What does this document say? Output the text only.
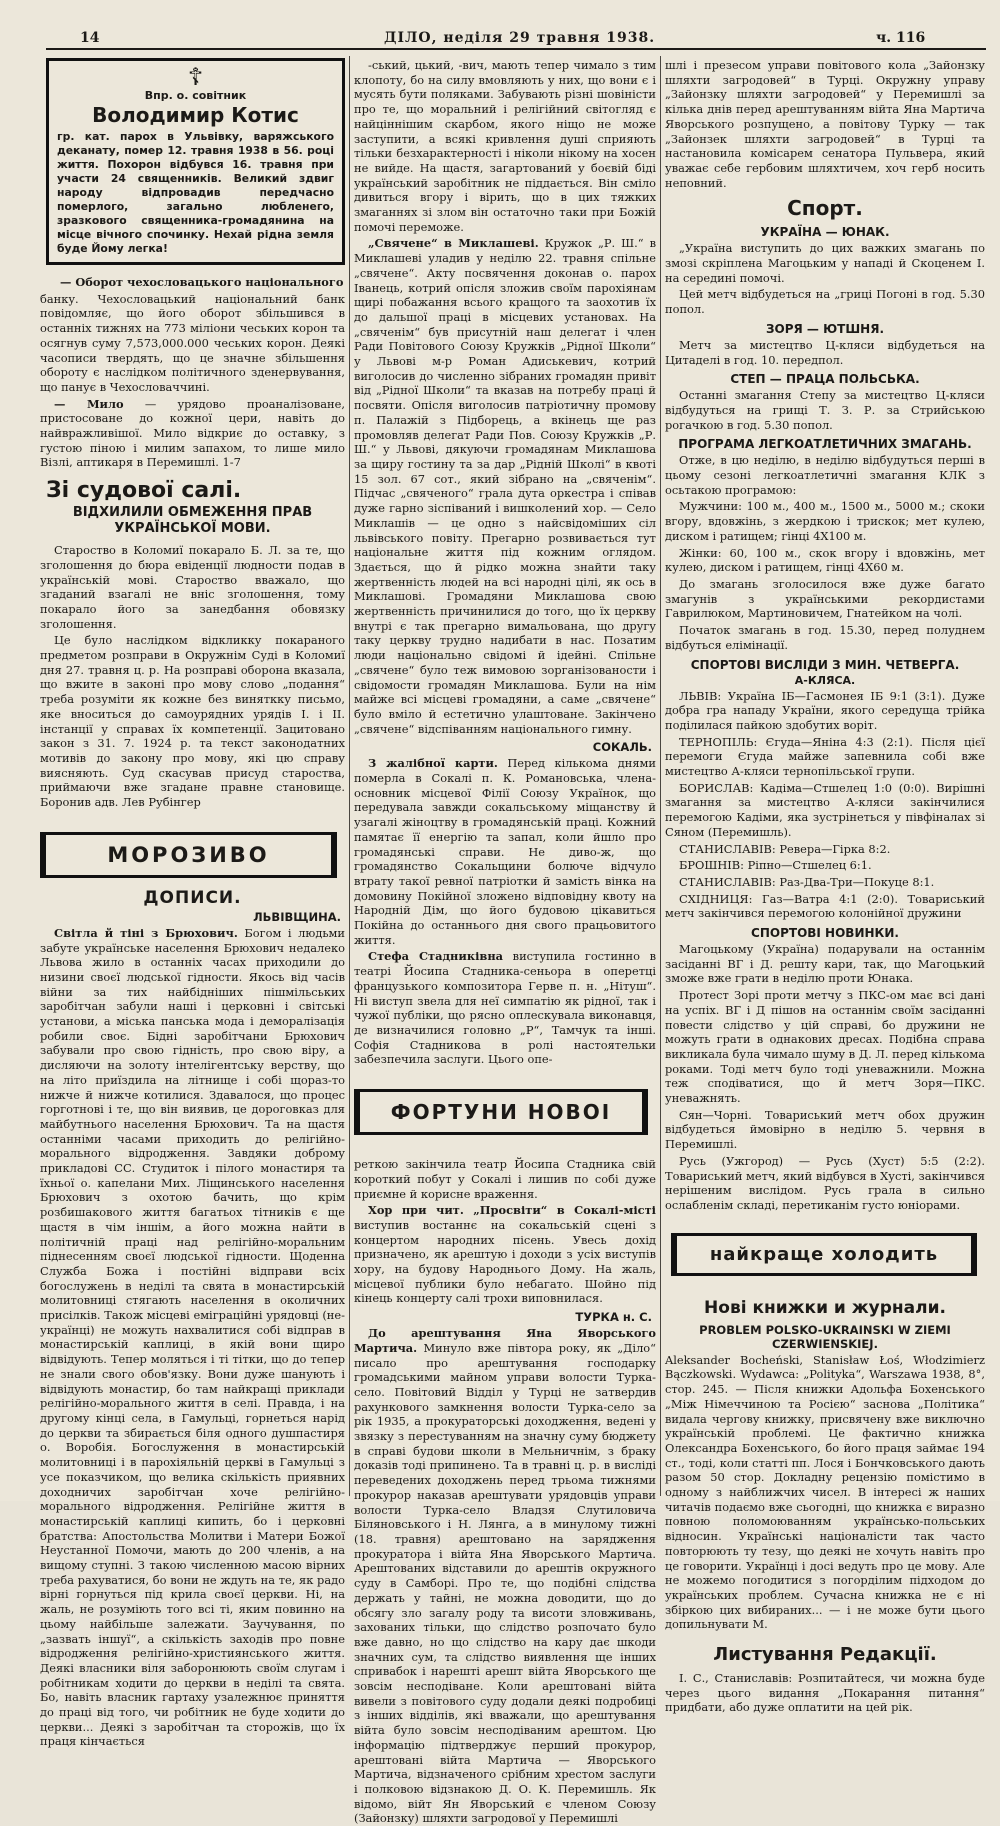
14	ДІЛО, неділя 29 травня 1938.	ч. 116
☦
Впр. о. совітник
Володимир Котис
гр. кат. парох в Ульвівку, варяжського деканату, помер 12. травня 1938 в 56. році життя. Похорон відбувся 16. травня при участи 24 священників. Великий здвиг народу відпровадив передчасно померлого, загально любленего, зразкового священника-громадянина на місце вічного спочинку. Нехай рідна земля буде Йому легка!

— Оборот чехословацького національного

банку. Чехословацький національний банк повідомляє, що його оборот збільшився в останніх тижнях на 773 міліони чеських корон та осягнув суму 7,573,000.000 чеських корон. Деякі часописи твердять, що це значне збільшення обороту є наслідком політичного зденервування, що панує в Чехословаччині.

— Мило — урядово проаналізоване, пристосоване до кожної цери, навіть до найвражливішої. Мило відкриє до оставку, з густою піною і милим запахом, то лише мило Візлі, аптикаря в Перемишлі. 1-7

Зі судової салі.
ВІДХИЛИЛИ ОБМЕЖЕННЯ ПРАВ УКРАЇНСЬКОЇ МОВИ.

Староство в Коломиї покарало Б. Л. за те, що зголошення до бюра евіденції людности подав в українській мові. Староство вважало, що згаданий взагалі не вніс зголошення, тому покарало його за занедбання обовязку зголошення.

Це було наслідком відкликку покараного предметом розправи в Окружнім Суді в Коломиї дня 27. травня ц. р. На розправі оборона вказала, що вжите в законі про мову слово „подання“ треба розуміти як кожне без виняткку письмо, яке вноситься до самоурядних урядів І. і ІІ. інстанції у справах їх компетенції. Зацитовано закон з 31. 7. 1924 р. та текст законодатних мотивів до закону про мову, які цю справу виясняють. Суд скасував присуд староства, приймаючи вже згадане правне становище. Боронив адв. Лев Рубінгер

МОРОЗИВО
ДОПИСИ.
ЛЬВІВЩИНА.

Світла й тіні з Брюхович. Богом і людьми забуте українське населення Брюхович недалеко Львова жило в останніх часах приходили до низини своєї людської гідности. Якось від часів війни за тих найбідніших пішмільських заробітчан забули наші і церковні і світські установи, а міська панська мода і деморалізація робили своє. Бідні заробітчани Брюхович забували про свою гідність, про свою віру, а дисляючи на золоту інтелігентську верству, що на літо приїздила на літнище і собі щораз-то нижче й нижче котилися. Здавалося, що процес горготнові і те, що він виявив, це дороговказ для майбутнього населення Брюхович. Та на щастя останніми часами приходить до релігійно-морального відродження. Завдяки доброму прикладові СС. Студиток і пілого монастиря та їхньої о. капелани Мих. Ліщинського населення Брюхович з охотою бачить, що крім розбишакового життя багатьох тітників є ще щастя в чім іншім, а його можна найти в політичній праці над релігійно-моральним піднесенням своєї людської гідности. Щоденна Служба Божа і постійні відправи всіх богослужень в неділі та свята в монастирській молитовниці стягають населення в околичних присілків. Також місцеві еміграційні урядовці (не-українці) не можуть нахвалитися собі відправ в монастирській каплиці, в якій вони щиро відвідують. Тепер моляться і ті тітки, що до тепер не знали свого обов'язку. Вони дуже шанують і відвідують монастир, бо там найкращі приклади релігійно-морального життя в селі. Правда, і на другому кінці села, в Гамульці, горнеться нарід до церкви та збирається біля одного душпастиря о. Воробія. Богослуження в монастирській молитовниці і в парохіяльній церкві в Гамульці з усе показчиком, що велика скількість приявних доходничих заробітчан хоче релігійно-морального відродження. Релігійне життя в монастирській каплиці кипить, бо і церковні братства: Апостольства Молитви і Матери Божої Неустанної Помочи, мають до 200 членів, а на вищому ступні. З такою численною масою вірних треба рахуватися, бо вони не ждуть на те, як радо вірні горнуться під крила своєї церкви. Ні, на жаль, не розуміють того всі ті, яким повинно на цьому найбільше залежати. Заучування, по „зазвать іншуї“, а скількість заходів про повне відродження релігійно-християнського життя. Деякі власники віля заборонюють своїм слугам і робітникам ходити до церкви в неділі та свята. Бо, навіть власник гартаху узалежнює приняття до праці від того, чи робітник не буде ходити до церкви... Деякі з заробітчан та сторожів, що їх праця кінчається

-ський, цький, -вич, мають тепер чимало з тим клопоту, бо на силу вмовляють у них, що вони є і мусять бути поляками. Забувають різні шовіністи про те, що моральний і релігійний світогляд є найціннішим скарбом, якого ніщо не може заступити, а всякі кривлення душі сприяють тільки безхарактерності і ніколи нікому на хосен не вийде. На щастя, загартований у боєвій біді український заробітник не піддається. Він сміло дивиться вгору і вірить, що в цих тяжких змаганнях зі злом він остаточно таки при Божій помочі переможе.

„Свячене“ в Миклашеві. Кружок „Р. Ш.“ в Миклашеві уладив у неділю 22. травня спільне „свячене“. Акту посвячення доконав о. парох Іванець, котрий опісля зложив своїм парохіянам щирі побажання всього кращого та заохотив їх до дальшої праці в місцевих установах. На „свяченім“ був присутній наш делегат і член Ради Повітового Союзу Кружків „Рідної Школи“ у Львові м-р Роман Адиськевич, котрий виголосив до численно зібраних громадян привіт від „Рідної Школи“ та вказав на потребу праці й посвяти. Опісля виголосив патріотичну промову п. Палажій з Підборець, а вкінець ще раз промовляв делегат Ради Пов. Союзу Кружків „Р. Ш.“ у Львові, дякуючи громадянам Миклашова за щиру гостину та за дар „Рідній Школі“ в квоті 15 зол. 67 сот., який зібрано на „свяченім“. Підчас „свяченого“ грала дута оркестра і співав дуже гарно зіспіваний і вишколений хор. — Село Миклашів — це одно з найсвідоміших сіл львівського повіту. Прегарно розвивається тут національне життя під кожним оглядом. Здається, що й рідко можна знайти таку жертвенність людей на всі народні цілі, як ось в Миклашові. Громадяни Миклашова свою жертвенність причинилися до того, що їх церкву внутрі є так прегарно вимальована, що другу таку церкву трудно надибати в нас. Позатим люди національно свідомі й ідейні. Спільне „свячене“ було теж вимовою зорганізованости і свідомости громадян Миклашова. Були на нім майже всі місцеві громадяни, а саме „свячене“ було вміло й естетично улаштоване. Закінчено „свячене“ відспіванням національного гимну.

СОКАЛЬ.

З жалібної карти. Перед кількома днями померла в Сокалі п. К. Романовська, члена-основник місцевої Філії Союзу Українок, що передувала завжди сокальському міщанству й узагалі жіноцтву в громадянській праці. Кожний памятає її енергію та запал, коли йшло про громадянські справи. Не диво-ж, що громадянство Сокальщини болюче відчуло втрату такої ревної патріотки й замість вінка на домовину Покійної зложено відповідну квоту на Народній Дім, що його будовою цікавиться Покійна до останнього дня свого працьовитого життя.

Стефа Стадниківна виступила гостинно в театрі Йосипа Стадника-сеньора в оперетці французького композитора Герве п. н. „Нітуш“. Ні виступ звела для неї симпатію як рідної, так і чужої публіки, що рясно оплескувала виконавця, де визначилися головно „Р“, Тамчук та інші. Софія Стадникова в ролі настоятельки забезпечила заслуги. Цього опе-

ФОРТУНИ НОВОІ

реткою закінчила театр Йосипа Стадника свій короткий побут у Сокалі і лишив по собі дуже приємне й корисне враження.

Хор при чит. „Просвіти“ в Сокалі-місті виступив востаннє на сокальській сцені з концертом народних пісень. Увесь дохід призначено, як арештую і доходи з усіх виступів хору, на будову Народнього Дому. На жаль, місцевої публики було небагато. Шойно під кінець концерту салі трохи виповнилася.

ТУРКА н. С.

До арештування Яна Яворського Мартича. Минуло вже півтора року, як „Діло“ писало про арештування господарку громадськими майном управи волости Турка-село. Повітовий Відділ у Турці не затвердив рахункового замкнення волости Турка-село за рік 1935, а прокураторські доходження, ведені у звязку з перестуванням на значну суму бюджету в справі будови школи в Мельничнім, з браку доказів тоді припинено. Та в травні ц. р. в висліді переведених доходжень перед трьома тижнями прокурор наказав арештувати урядовців управи волости Турка-село Владзя Слутиловича Біляновського і Н. Лянга, а в минулому тижні (18. травня) арештовано на зарядження прокуратора і війта Яна Яворського Мартича. Арештованих відставили до арештів окружного суду в Самборі. Про те, що подібні слідства держать у тайні, не можна доводити, що до обсягу зло загалу роду та висоти зловживань, захованих тільки, що слідство розпочато було вже давно, но що слідство на кару дає шкоди значних сум, та слідство виявлення ще інших спривабок і нарешті арешт війта Яворського ще зовсім несподіване. Коли арештовані війта вивели з повітового суду додали деякі подробиці з інших відділів, які вважали, що арештування війта було зовсім несподіваним арештом. Цю інформацію підтверджує перший прокурор, арештовані війта Мартича — Яворського Мартича, відзначеного срібним хрестом заслуги і полковою відзнакою Д. О. К. Перемишль. Як відомо, війт Ян Яворський є членом Союзу (Зайонзку) шляхти загродової у Перемишлі

шлі і презесом управи повітового кола „Зайонзку шляхти загродовей“ в Турці. Окружну управу „Зайонзку шляхти загродовей“ у Перемишлі за кілька днів перед арештуванням війта Яна Мартича Яворського розпущено, а повітову Турку — так „Зайонзек шляхти загродовей“ в Турці та настановила комісарем сенатора Пульвера, який уважає себе гербовим шляхтичем, хоч герб носить неповний.

Спорт.
УКРАЇНА — ЮНАК.

„Україна виступить до цих важких змагань по змозі скріплена Магоцьким у нападі й Скоценем І. на середині помочі.

Цей метч відбудеться на „гриці Погоні в год. 5.30 попол.

ЗОРЯ — ЮТШНЯ.

Метч за мистецтво Ц-кляси відбудеться на Цитаделі в год. 10. передпол.

СТЕП — ПРАЦА ПОЛЬСЬКА.

Останні змагання Степу за мистецтво Ц-кляси відбудуться на грищі Т. З. Р. за Стрийською рогачкою в год. 5.30 попол.

ПРОГРАМА ЛЕГКОАТЛЕТИЧНИХ ЗМАГАНЬ.

Отже, в цю неділю, в неділю відбудуться перші в цьому сезоні легкоатлетичні змагання КЛК з осьтакою програмою:

Мужчини: 100 м., 400 м., 1500 м., 5000 м.; скоки вгору, вдовжінь, з жердкою і трискок; мет кулею, диском і ратищем; гінці 4Х100 м.

Жінки: 60, 100 м., скок вгору і вдовжінь, мет кулею, диском і ратищем, гінці 4Х60 м.

До змагань зголосилося вже дуже багато змагунів з українськими рекордистами Гаврилюком, Мартиновичем, Гнатейком на чолі.

Початок змагань в год. 15.30, перед полуднем відбуться елімінації.

СПОРТОВІ ВИСЛІДИ З МИН. ЧЕТВЕРГА.
А-КЛЯСА.

ЛЬВІВ: Україна ІБ—Гасмонея ІБ 9:1 (3:1). Дуже добра гра нападу України, якого середуща трійка поділилася пайкою здобутих воріт.

ТЕРНОПІЛЬ: Єгуда—Яніна 4:3 (2:1). Після цієї перемоги Єгуда майже запевнила собі вже мистецтво А-кляси тернопільської групи.

БОРИСЛАВ: Кадіма—Стшелец 1:0 (0:0). Вирішні змагання за мистецтво А-кляси закінчилися перемогою Кадіми, яка зустрінеться у півфіналах зі Сяном (Перемишль).

СТАНИСЛАВІВ: Ревера—Гірка 8:2.

БРОШНІВ: Ріпно—Стшелец 6:1.

СТАНИСЛАВІВ: Раз-Два-Три—Покуце 8:1.

СХІДНИЦЯ: Газ—Ватра 4:1 (2:0). Товариський метч закінчився перемогою колонійної дружини

СПОРТОВІ НОВИНКИ.

Магоцькому (Україна) подарували на останнім засіданні ВГ і Д. решту кари, так, що Магоцький зможе вже грати в неділю проти Юнака.

Протест Зорі проти метчу з ПКС-ом має всі дані на успіх. ВГ і Д пішов на останнім своїм засіданні повести слідство у цій справі, бо дружини не можуть грати в однакових дресах. Подібна справа викликала була чимало шуму в Д. Л. перед кількома роками. Тоді метч було тоді уневажнили. Можна теж сподіватися, що й метч Зоря—ПКС. уневажнять.

Сян—Чорні. Товариський метч обох дружин відбудеться ймовірно в неділю 5. червня в Перемишлі.

Русь (Ужгород) — Русь (Хуст) 5:5 (2:2). Товариський метч, який відбувся в Хусті, закінчився нерішеним вислідом. Русь грала в сильно ослабленім складі, перетиканім густо юніорами.

найкраще холодить
Нові книжки и журнали.
PROBLEM POLSKO-UKRAINSKI W ZIEMI CZERWIENSKIEJ.

Aleksander Bocheński, Stanisław Łoś, Włodzimierz Bączkowski. Wydawca: „Polityka“, Warszawa 1938, 8°, стор. 245. — Після книжки Адольфа Бохенського „Між Німеччиною та Росією“ заснова „Політика“ видала чергову книжку, присвячену вже виключно українській проблемі. Це фактично книжка Олександра Бохенського, бо його праця займає 194 ст., тоді, коли статті пп. Лося і Бончковського дають разом 50 стор. Докладну рецензію помістимо в одному з найближчих чисел. В інтересі ж наших читачів подаємо вже сьогодні, що книжка є виразно повною поломоюванням українсько-польських відносин. Українські націоналісти так часто повторюють ту тезу, що деякі не хочуть навіть про це говорити. Українці і досі ведуть про це мову. Але не можемо погодитися з погорділим підходом до українських проблем. Сучасна книжка не є ні збіркою цих вибираних... — і не може бути цього допильнувати М.

Листування Редакції.

І. С., Станиславів: Розпитайтеся, чи можна буде через цього видання „Покарання питання“ придбати, або дуже оплатити на цей рік.
